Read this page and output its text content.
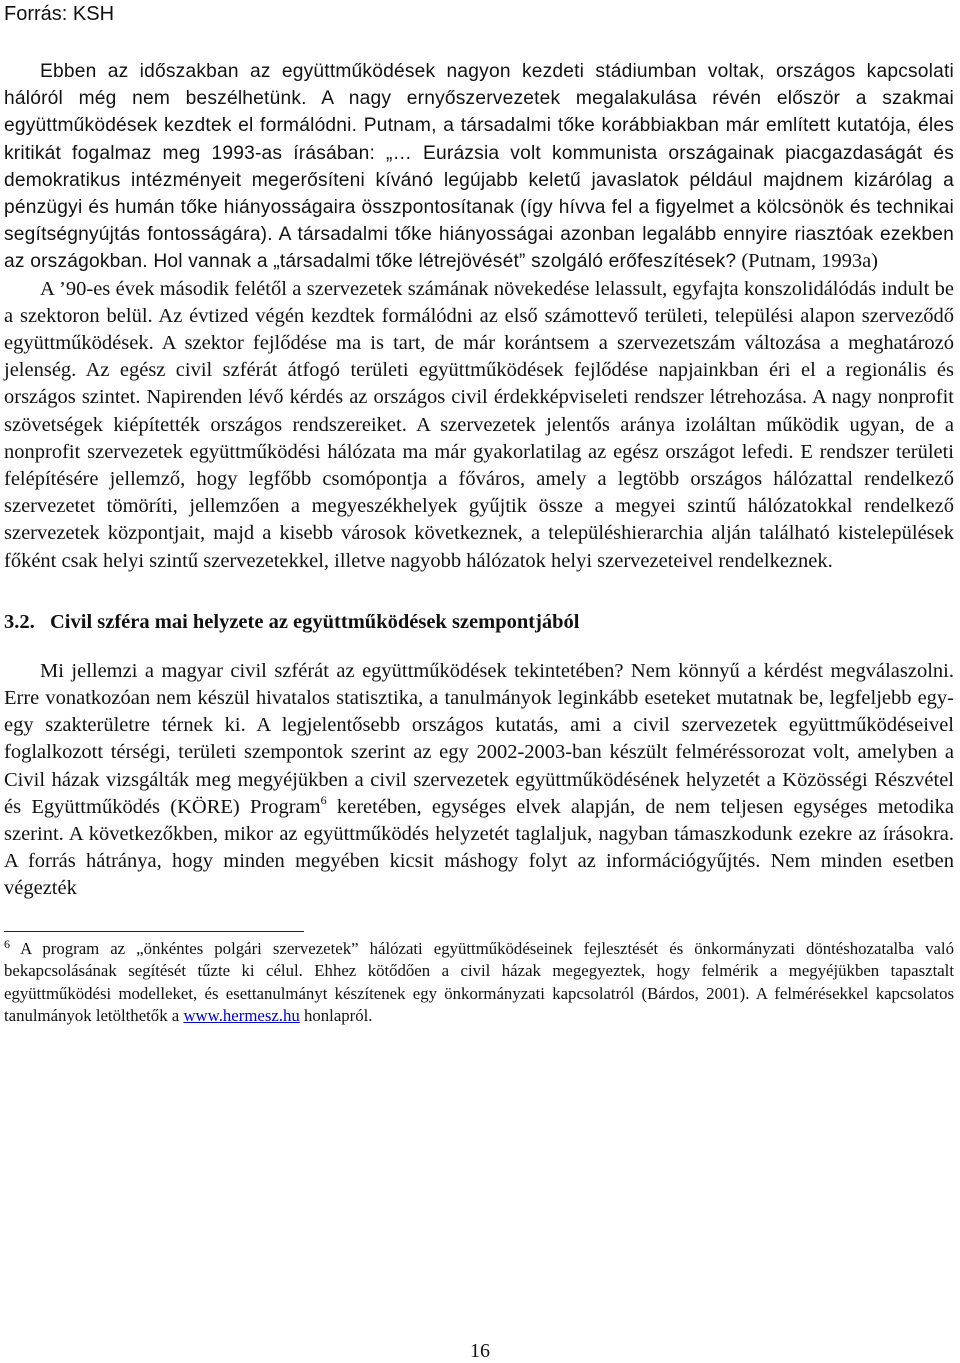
Forrás: KSH

Ebben az időszakban az együttműködések nagyon kezdeti stádiumban voltak, országos kapcsolati hálóról még nem beszélhetünk. A nagy ernyőszervezetek megalakulása révén először a szakmai együttműködések kezdtek el formálódni. Putnam, a társadalmi tőke korábbiakban már említett kutatója, éles kritikát fogalmaz meg 1993-as írásában: „… Eurázsia volt kommunista országainak piacgazdaságát és demokratikus intézményeit megerősíteni kívánó legújabb keletű javaslatok például majdnem kizárólag a pénzügyi és humán tőke hiányosságaira összpontosítanak (így hívva fel a figyelmet a kölcsönök és technikai segítségnyújtás fontosságára). A társadalmi tőke hiányosságai azonban legalább ennyire riasztóak ezekben az országokban. Hol vannak a „társadalmi tőke létrejövését” szolgáló erőfeszítések? (Putnam, 1993a)

A ’90-es évek második felétől a szervezetek számának növekedése lelassult, egyfajta konszolidálódás indult be a szektoron belül. Az évtized végén kezdtek formálódni az első számottevő területi, települési alapon szerveződő együttműködések. A szektor fejlődése ma is tart, de már korántsem a szervezetszám változása a meghatározó jelenség. Az egész civil szférát átfogó területi együttműködések fejlődése napjainkban éri el a regionális és országos szintet. Napirenden lévő kérdés az országos civil érdekképviseleti rendszer létrehozása. A nagy nonprofit szövetségek kiépítették országos rendszereiket. A szervezetek jelentős aránya izoláltan működik ugyan, de a nonprofit szervezetek együttműködési hálózata ma már gyakorlatilag az egész országot lefedi. E rendszer területi felépítésére jellemző, hogy legfőbb csomópontja a főváros, amely a legtöbb országos hálózattal rendelkező szervezetet tömöríti, jellemzően a megyeszékhelyek gyűjtik össze a megyei szintű hálózatokkal rendelkező szervezetek központjait, majd a kisebb városok következnek, a településhierarchia alján található kistelepülések főként csak helyi szintű szervezetekkel, illetve nagyobb hálózatok helyi szervezeteivel rendelkeznek.

3.2. Civil szféra mai helyzete az együttműködések szempontjából

Mi jellemzi a magyar civil szférát az együttműködések tekintetében? Nem könnyű a kérdést megválaszolni. Erre vonatkozóan nem készül hivatalos statisztika, a tanulmányok leginkább eseteket mutatnak be, legfeljebb egy-egy szakterületre térnek ki. A legjelentősebb országos kutatás, ami a civil szervezetek együttműködéseivel foglalkozott térségi, területi szempontok szerint az egy 2002-2003-ban készült felméréssorozat volt, amelyben a Civil házak vizsgálták meg megyéjükben a civil szervezetek együttműködésének helyzetét a Közösségi Részvétel és Együttműködés (KÖRE) Program$^6$ keretében, egységes elvek alapján, de nem teljesen egységes metodika szerint. A következőkben, mikor az együttműködés helyzetét taglaljuk, nagyban támaszkodunk ezekre az írásokra. A forrás hátránya, hogy minden megyében kicsit máshogy folyt az információgyűjtés. Nem minden esetben végezték

$^6$ A program az „önkéntes polgári szervezetek” hálózati együttműködéseinek fejlesztését és önkormányzati döntéshozatalba való bekapcsolásának segítését tűzte ki célul. Ehhez kötődően a civil házak megegyeztek, hogy felmérik a megyéjükben tapasztalt együttműködési modelleket, és esettanulmányt készítenek egy önkormányzati kapcsolatról (Bárdos, 2001). A felmérésekkel kapcsolatos tanulmányok letölthetők a www.hermesz.hu honlapról.

16
